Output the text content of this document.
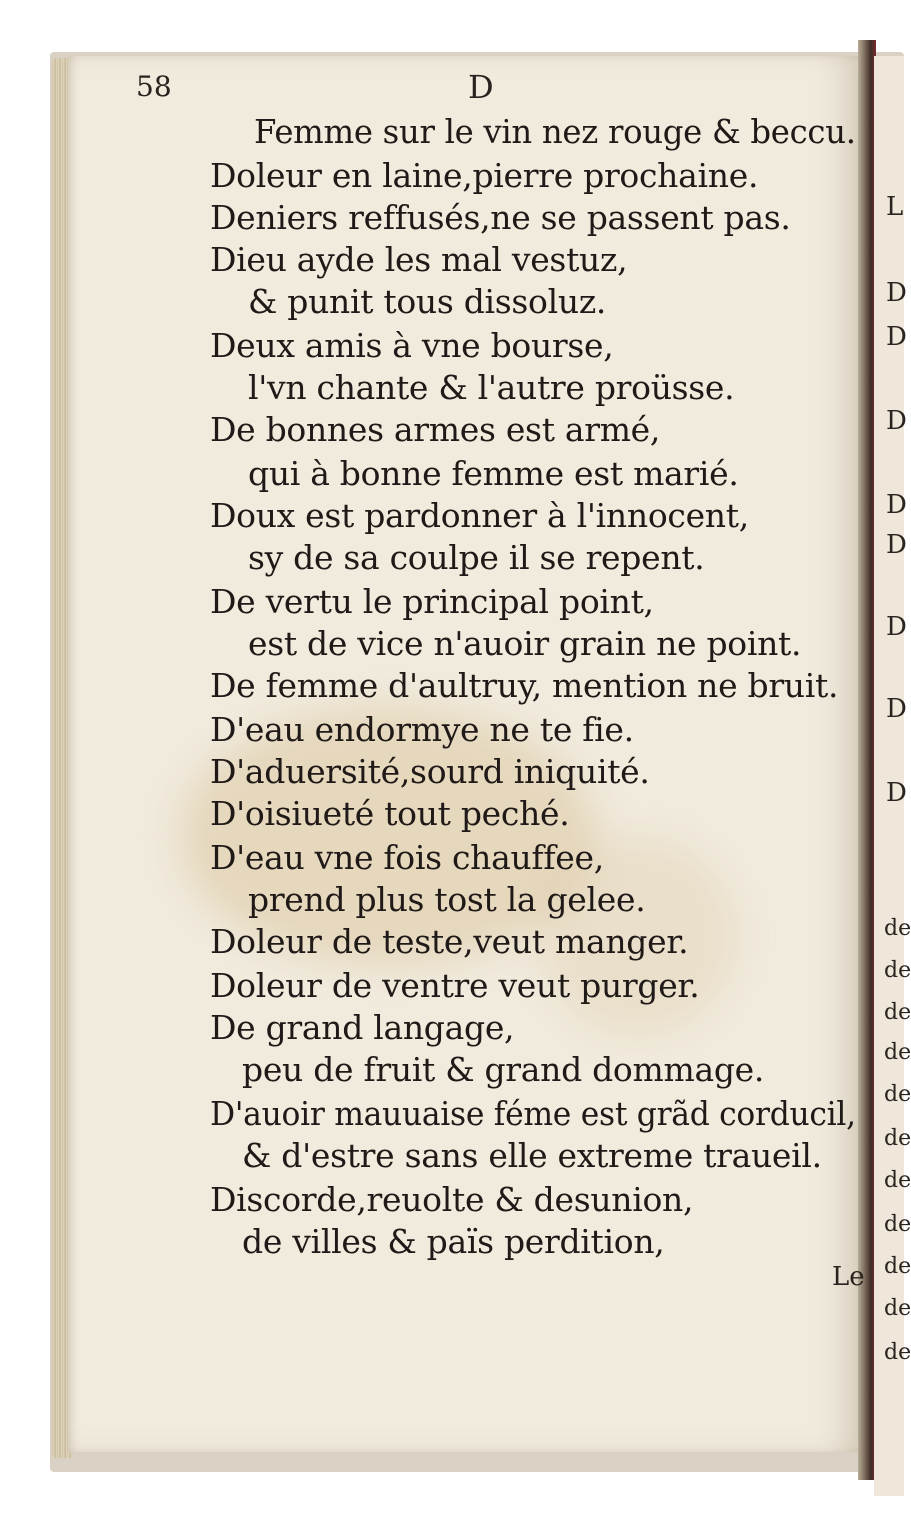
L
D
D
D
D
D
D
D
D
de
de
de
de
de
de
de
de
de
de
de
58	D
Femme sur le vin nez rouge & beccu.
Doleur en laine,pierre prochaine.
Deniers reffusés,ne se passent pas.
Dieu ayde les mal vestuz,
& punit tous dissoluz.
Deux amis à vne bourse,
l'vn chante & l'autre proüsse.
De bonnes armes est armé,
qui à bonne femme est marié.
Doux est pardonner à l'innocent,
sy de sa coulpe il se repent.
De vertu le principal point,
est de vice n'auoir grain ne point.
De femme d'aultruy, mention ne bruit.
D'eau endormye ne te fie.
D'aduersité,sourd iniquité.
D'oisiueté tout peché.
D'eau vne fois chauffee,
prend plus tost la gelee.
Doleur de teste,veut manger.
Doleur de ventre veut purger.
De grand langage,
peu de fruit & grand dommage.
D'auoir mauuaise féme est grãd corducil,
& d'estre sans elle extreme traueil.
Discorde,reuolte & desunion,
de villes & païs perdition,
Le
